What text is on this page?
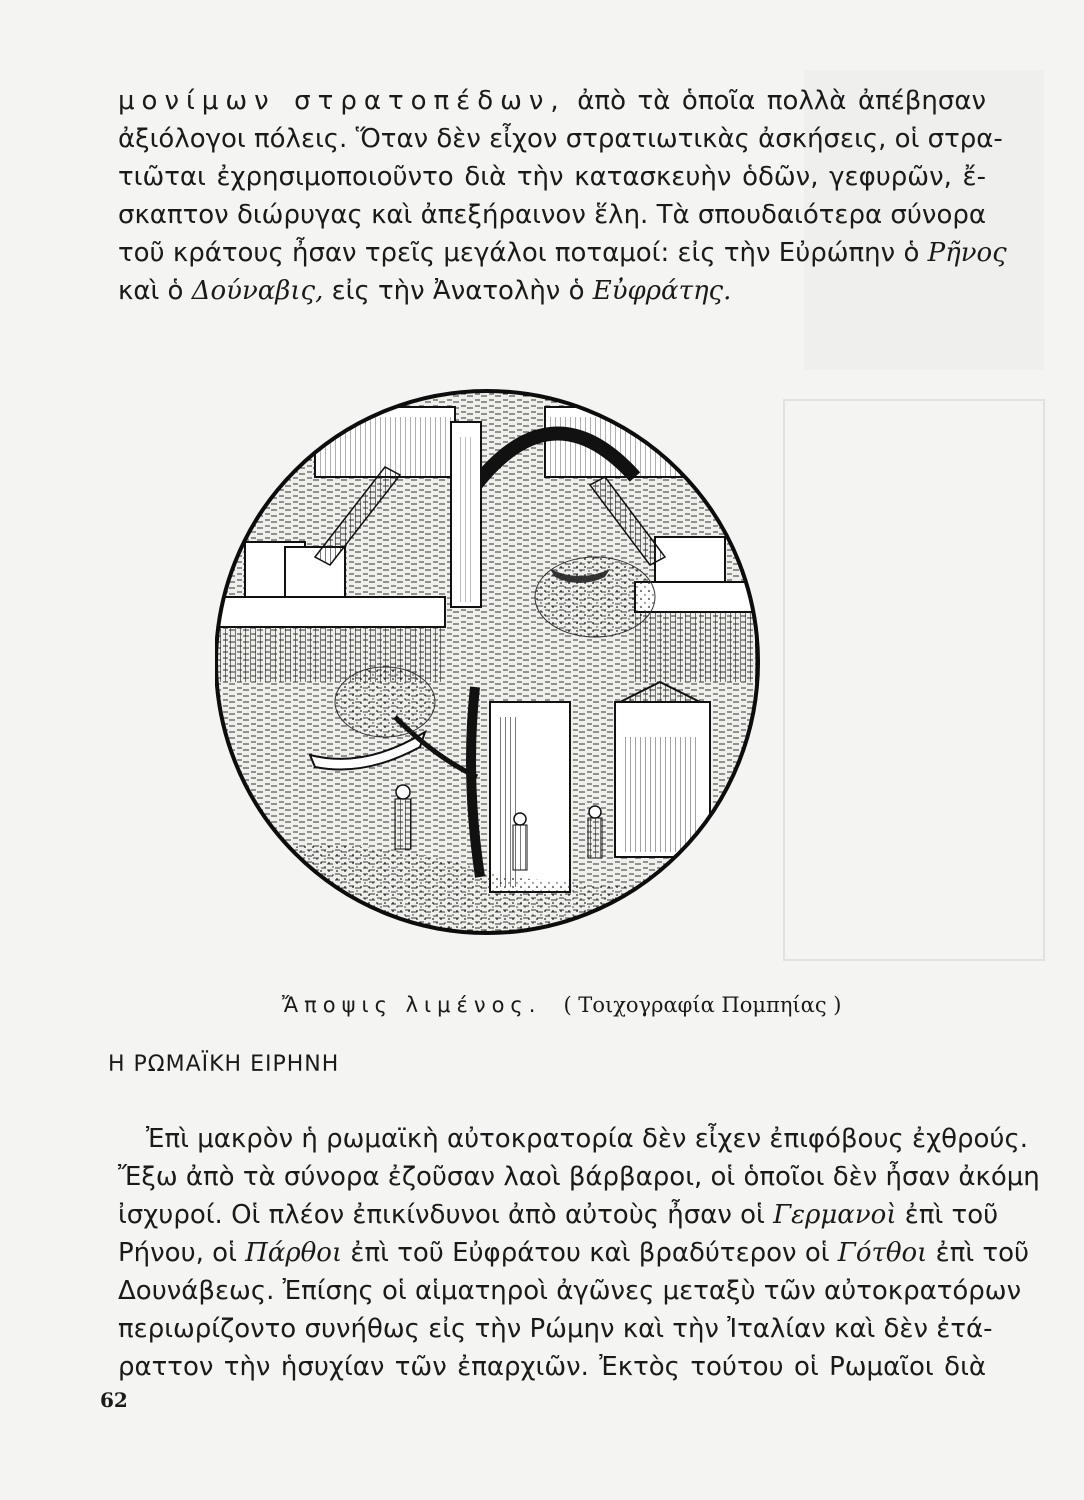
μονίμων στρατοπέδων, ἀπὸ τὰ ὁποῖα πολλὰ ἀπέβησαν
ἀξιόλογοι πόλεις. Ὅταν δὲν εἶχον στρατιωτικὰς ἀσκήσεις, οἱ στρα-
τιῶται ἐχρησιμοποιοῦντο διὰ τὴν κατασκευὴν ὁδῶν, γεφυρῶν, ἔ-
σκαπτον διώρυγας καὶ ἀπεξήραινον ἕλη. Τὰ σπουδαιότερα σύνορα
τοῦ κράτους ἦσαν τρεῖς μεγάλοι ποταμοί: εἰς τὴν Εὐρώπην ὁ Ρῆνος
καὶ ὁ Δούναβις, εἰς τὴν Ἀνατολὴν ὁ Εὐφράτης.

Ἄποψις λιμένος. ( Τοιχογραφία Πομπηίας )
Η ΡΩΜΑΪΚΗ ΕΙΡΗΝΗ

Ἐπὶ μακρὸν ἡ ρωμαϊκὴ αὐτοκρατορία δὲν εἶχεν ἐπιφόβους ἐχθρούς.
Ἔξω ἀπὸ τὰ σύνορα ἐζοῦσαν λαοὶ βάρβαροι, οἱ ὁποῖοι δὲν ἦσαν ἀκόμη
ἰσχυροί. Οἱ πλέον ἐπικίνδυνοι ἀπὸ αὐτοὺς ἦσαν οἱ Γερμανοὶ ἐπὶ τοῦ
Ρήνου, οἱ Πάρθοι ἐπὶ τοῦ Εὐφράτου καὶ βραδύτερον οἱ Γότθοι ἐπὶ τοῦ
Δουνάβεως. Ἐπίσης οἱ αἱματηροὶ ἀγῶνες μεταξὺ τῶν αὐτοκρατόρων
περιωρίζοντο συνήθως εἰς τὴν Ρώμην καὶ τὴν Ἰταλίαν καὶ δὲν ἐτά-
ραττον τὴν ἡσυχίαν τῶν ἐπαρχιῶν. Ἐκτὸς τούτου οἱ Ρωμαῖοι διὰ

62
